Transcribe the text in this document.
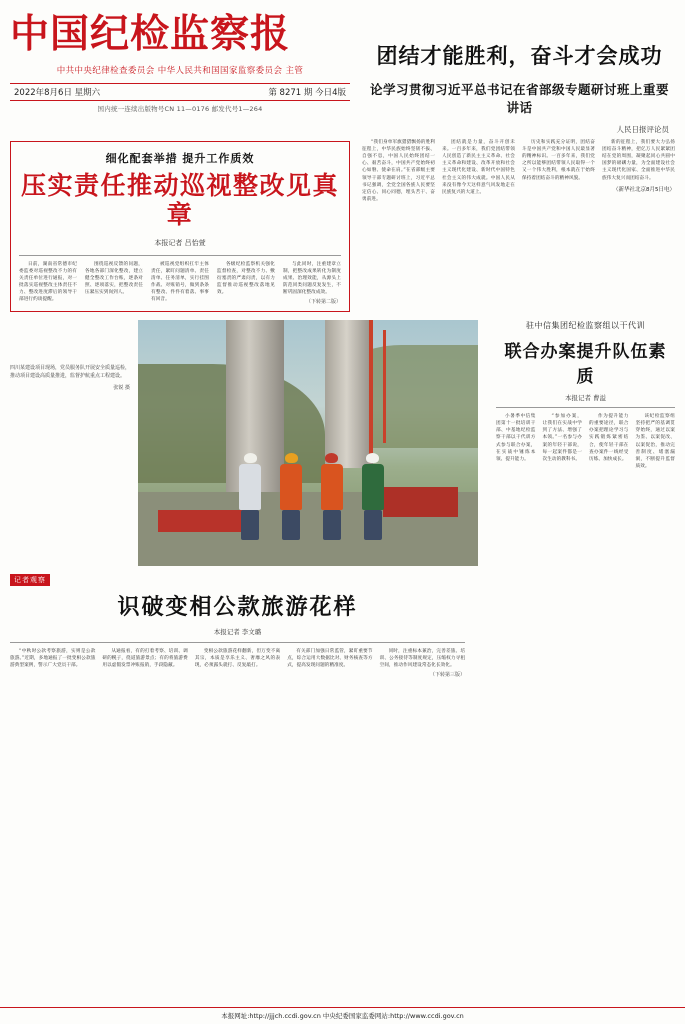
中国纪检监察报
中共中央纪律检查委员会 中华人民共和国国家监察委员会 主管
2022年8月6日 星期六	第 8271 期 今日4版
国内统一连续出版物号CN 11—0176 邮发代号1—264
团结才能胜利，奋斗才会成功
论学习贯彻习近平总书记在省部级专题研讨班上重要讲话
人民日报评论员
细化配套举措 提升工作质效
压实责任推动巡视整改见真章
本报记者 吕怡萱

日前，湖南省常德市纪委监委对巡视整改不力的有关责任单位进行通报，对一批落实巡视整改主体责任不力、整改进度滞后的领导干部进行约谈提醒。

围绕巡视反馈的问题，各地各部门深化整改，建立健全整改工作台账，逐条对照、逐项落实，把整改责任压紧压实到岗到人。

被巡视党组织扛牢主体责任，紧盯问题清单、责任清单、任务清单，实行挂图作战、对账销号，做到条条有整改、件件有着落、事事有回音。

各级纪检监察机关强化监督检查，对整改不力、敷衍塞责的严肃问责，以有力监督推动巡视整改落地见效。

与此同时，注重建章立制，把整改成果转化为制度成果、治理效能，从源头上防范同类问题反复发生，不断巩固深化整改成效。

（下转第二版）

“我们身单军旗猎猎飘扬的胜利征程上，中华民族始终坚韧不拔、自强不息，中国人民始终团结一心、艰苦奋斗，中国共产党始终初心如磐、使命在肩。”在省部级主要领导干部专题研讨班上，习近平总书记强调，全党全国各族人民要坚定信心、同心同德，埋头苦干、奋勇前进。

团结就是力量，奋斗开创未来。一百多年来，我们党团结带领人民创造了新民主主义革命、社会主义革命和建设、改革开放和社会主义现代化建设、新时代中国特色社会主义的伟大成就。中国人民从来没有像今天这样意气风发地走在民族复兴的大道上。

历史和实践充分证明，团结奋斗是中国共产党和中国人民最显著的精神标识。一百多年来，我们党之所以能够团结带领人民取得一个又一个伟大胜利，根本就在于始终保持着团结奋斗的精神风貌。

新的征程上，我们要大力弘扬团结奋斗精神，把亿万人民紧紧团结在党的周围，凝聚起同心共圆中国梦的磅礴力量，为全面建设社会主义现代化国家、全面推进中华民族伟大复兴而团结奋斗。

（新华社北京8月5日电）
四川某建设项目现场，党员服务队开展安全质量巡检，推动项目建设高质量推进，监督护航重点工程建设。
张锐 摄
驻中信集团纪检监察组以干代训
联合办案提升队伍素质
本报记者 曹溢

小暑季中信集团第十一批培训干部、中基地纪检监察干部以干代训方式参与联合办案，在实战中锤炼本领、提升能力。

“参加办案，让我们在实战中学到了方法、增强了本领。”一名参与办案的年轻干部说，每一起案件都是一次生动的教科书。

作为提升能力的重要途径，联合办案把理论学习与实践锻炼紧密结合，使年轻干部在查办案件一线经受历练、加快成长。

该纪检监察组坚持把严的基调贯穿始终，通过以案为鉴、以案促改、以案促治，推动完善制度、堵塞漏洞，不断提升监督质效。

记者观察
识破变相公款旅游花样
本报记者 李文璐

“中秋时公款考察旅游，实则是公款旅游。”近期，多地通报了一批变相公款旅游典型案例，警示广大党员干部。

从通报看，有的打着考察、培训、调研的幌子，绕道旅游景点；有的将旅游费用以虚假发票冲账报销，手段隐蔽。

变相公款旅游花样翻新，但万变不离其宗，本质是享乐主义、奢靡之风的表现，必须露头就打、反复敲打。

有关部门加强日常监管，紧盯重要节点，综合运用大数据比对、财务核查等方式，提高发现问题的精准度。

同时，注重标本兼治，完善差旅、培训、公务接待等制度规定，压缩权力寻租空间，推动作风建设常态化长效化。

（下转第三版）
本报网址:http://jjjch.ccdi.gov.cn 中央纪委国家监委网站:http://www.ccdi.gov.cn
